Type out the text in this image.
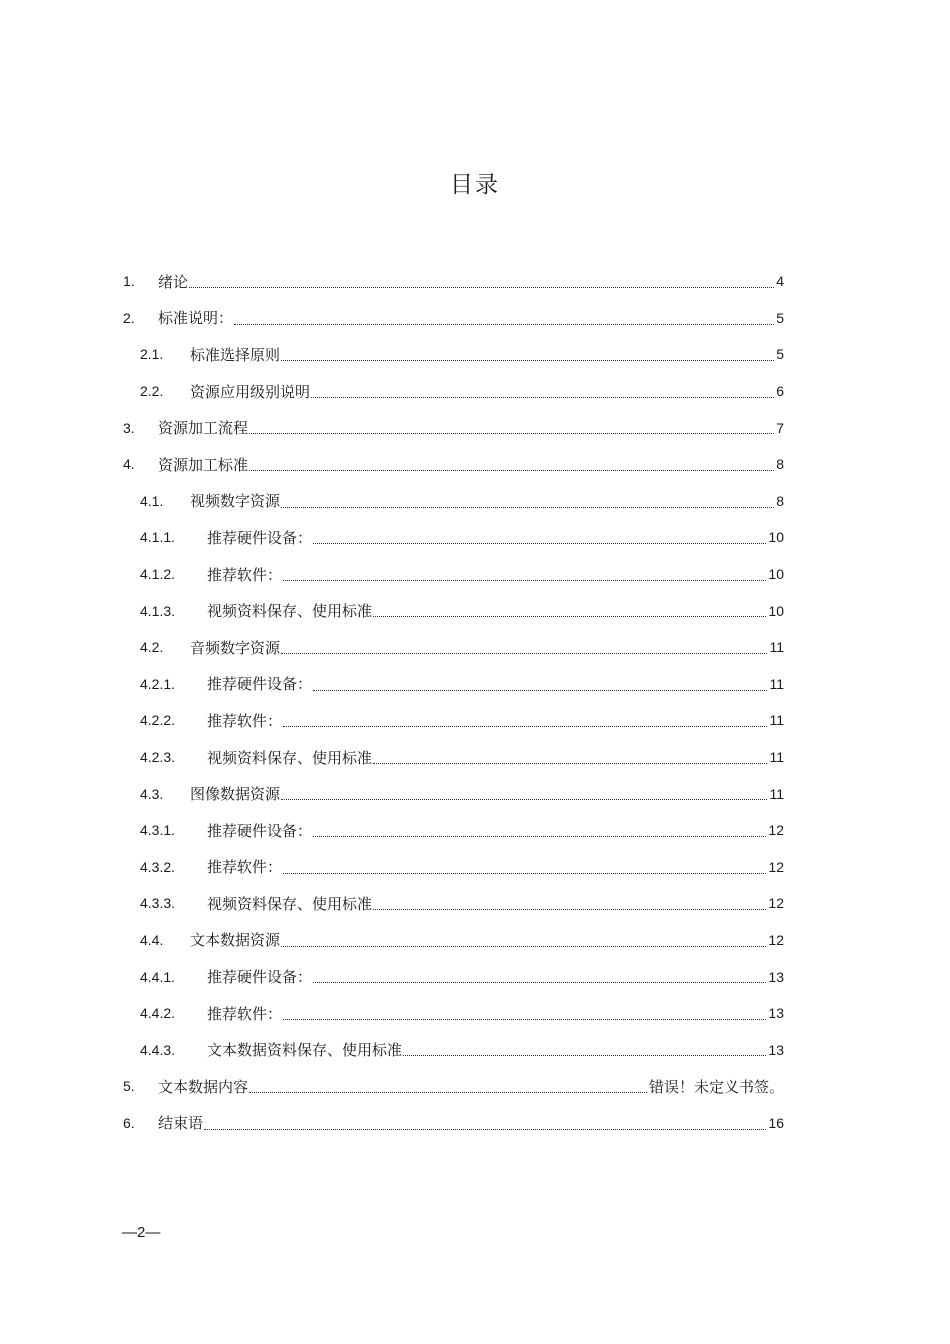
目录
1. 绪论	4
2. 标准说明：	5
2.1. 标准选择原则	5
2.2. 资源应用级别说明	6
3. 资源加工流程	7
4. 资源加工标准	8
4.1. 视频数字资源	8
4.1.1. 推荐硬件设备：	10
4.1.2. 推荐软件：	10
4.1.3. 视频资料保存、使用标准	10
4.2. 音频数字资源	11
4.2.1. 推荐硬件设备：	11
4.2.2. 推荐软件：	11
4.2.3. 视频资料保存、使用标准	11
4.3. 图像数据资源	11
4.3.1. 推荐硬件设备：	12
4.3.2. 推荐软件：	12
4.3.3. 视频资料保存、使用标准	12
4.4. 文本数据资源	12
4.4.1. 推荐硬件设备：	13
4.4.2. 推荐软件：	13
4.4.3. 文本数据资料保存、使用标准	13
5. 文本数据内容	错误！未定义书签。
6. 结束语	16
—2—
